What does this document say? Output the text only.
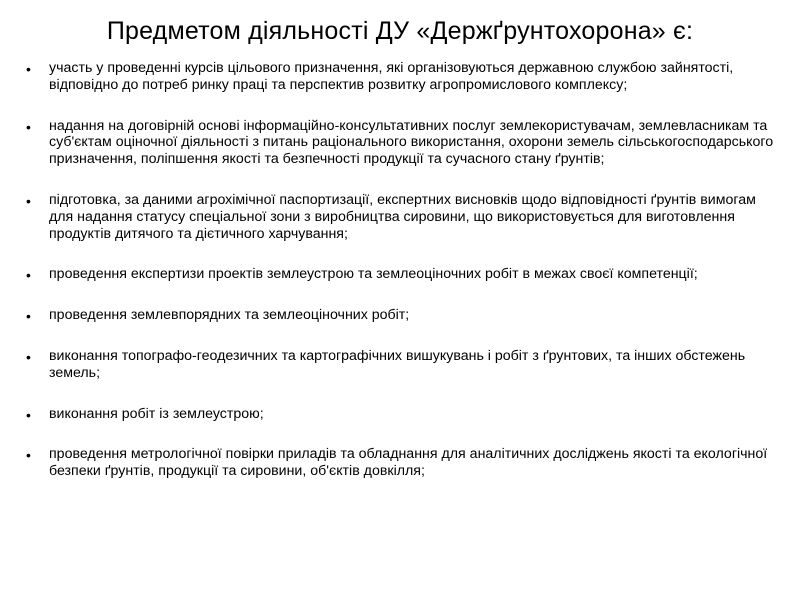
Предметом діяльності ДУ «Держґрунтохорона» є:
• участь у проведенні курсів цільового призначення, які організовуються державною службою зайнятості, відповідно до потреб ринку праці та перспектив розвитку агропромислового комплексу;
• надання на договірній основі інформаційно-консультативних послуг землекористувачам, землевласникам та суб'єктам оціночної діяльності з питань раціонального використання, охорони земель сільськогосподарського призначення, поліпшення якості та безпечності продукції та сучасного стану ґрунтів;
• підготовка, за даними агрохімічної паспортизації, експертних висновків щодо відповідності ґрунтів вимогам для надання статусу спеціальної зони з виробництва сировини, що використовується для виготовлення продуктів дитячого та дієтичного харчування;
• проведення експертизи проектів землеустрою та землеоціночних робіт в межах своєї компетенції;
• проведення землевпорядних та землеоціночних робіт;
• виконання топографо-геодезичних та картографічних вишукувань і робіт з ґрунтових, та інших обстежень земель;
• виконання робіт із землеустрою;
• проведення метрологічної повірки приладів та обладнання для аналітичних досліджень якості та екологічної безпеки ґрунтів, продукції та сировини, об'єктів довкілля;
